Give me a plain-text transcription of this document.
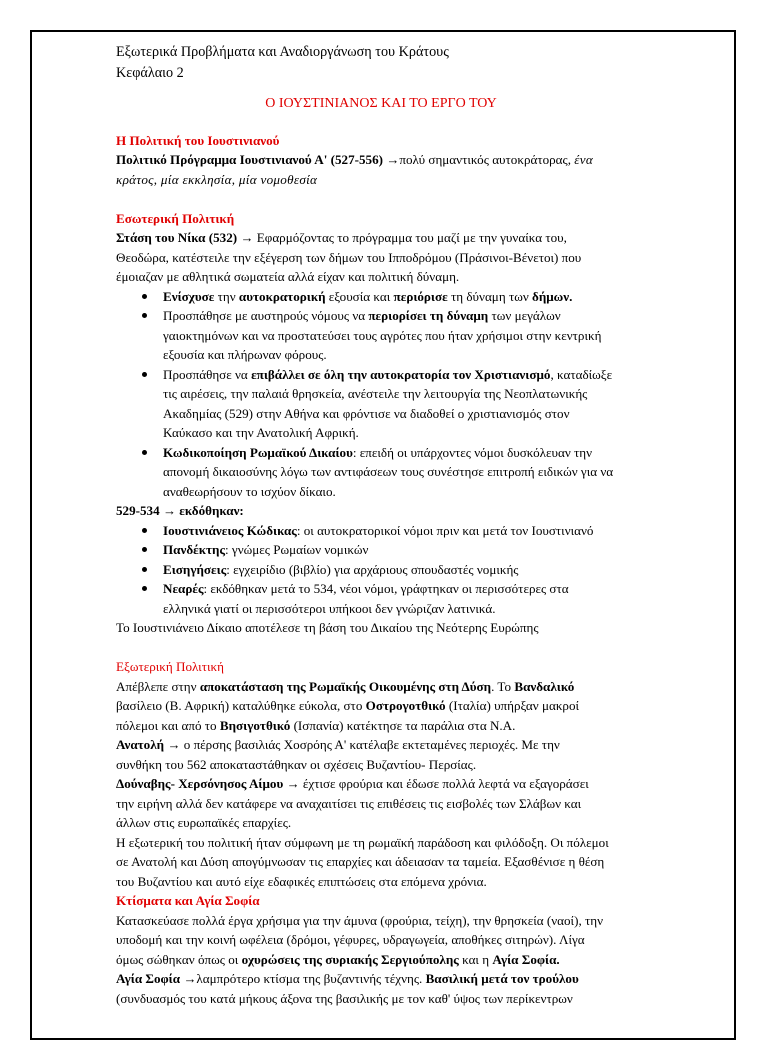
Εξωτερικά Προβλήματα και Αναδιοργάνωση του Κράτους

Κεφάλαιο 2

Ο ΙΟΥΣΤΙΝΙΑΝΟΣ ΚΑΙ ΤΟ ΕΡΓΟ ΤΟΥ

Η Πολιτική του Ιουστινιανού

Πολιτικό Πρόγραμμα Ιουστινιανού Α' (527-556) →πολύ σημαντικός αυτοκράτορας, ένα

κράτος, μία εκκλησία, μία νομοθεσία

Εσωτερική Πολιτική

Στάση του Νίκα (532) → Εφαρμόζοντας το πρόγραμμα του μαζί με την γυναίκα του,
Θεοδώρα, κατέστειλε την εξέγερση των δήμων του Ιπποδρόμου (Πράσινοι-Βένετοι) που
έμοιαζαν με αθλητικά σωματεία αλλά είχαν και πολιτική δύναμη.

Ενίσχυσε την αυτοκρατορική εξουσία και περιόρισε τη δύναμη των δήμων.
Προσπάθησε με αυστηρούς νόμους να περιορίσει τη δύναμη των μεγάλων
γαιοκτημόνων και να προστατεύσει τους αγρότες που ήταν χρήσιμοι στην κεντρική
εξουσία και πλήρωναν φόρους.
Προσπάθησε να επιβάλλει σε όλη την αυτοκρατορία τον Χριστιανισμό, καταδίωξε
τις αιρέσεις, την παλαιά θρησκεία, ανέστειλε την λειτουργία της Νεοπλατωνικής
Ακαδημίας (529) στην Αθήνα και φρόντισε να διαδοθεί ο χριστιανισμός στον
Καύκασο και την Ανατολική Αφρική.
Κωδικοποίηση Ρωμαϊκού Δικαίου: επειδή οι υπάρχοντες νόμοι δυσκόλευαν την
απονομή δικαιοσύνης λόγω των αντιφάσεων τους συνέστησε επιτροπή ειδικών για να
αναθεωρήσουν το ισχύον δίκαιο.

529-534 → εκδόθηκαν:

Ιουστινιάνειος Κώδικας: οι αυτοκρατορικοί νόμοι πριν και μετά τον Ιουστινιανό
Πανδέκτης: γνώμες Ρωμαίων νομικών
Εισηγήσεις: εγχειρίδιο (βιβλίο) για αρχάριους σπουδαστές νομικής
Νεαρές: εκδόθηκαν μετά το 534, νέοι νόμοι, γράφτηκαν οι περισσότερες στα
ελληνικά γιατί οι περισσότεροι υπήκοοι δεν γνώριζαν λατινικά.

Το Ιουστινιάνειο Δίκαιο αποτέλεσε τη βάση του Δικαίου της Νεότερης Ευρώπης

Εξωτερική Πολιτική

Απέβλεπε στην αποκατάσταση της Ρωμαϊκής Οικουμένης στη Δύση. Το Βανδαλικό
βασίλειο (Β. Αφρική) καταλύθηκε εύκολα, στο Οστρογοτθικό (Ιταλία) υπήρξαν μακροί
πόλεμοι και από το Βησιγοτθικό (Ισπανία) κατέκτησε τα παράλια στα Ν.Α.

Ανατολή → ο πέρσης βασιλιάς Χοσρόης Α' κατέλαβε εκτεταμένες περιοχές. Με την
συνθήκη του 562 αποκαταστάθηκαν οι σχέσεις Βυζαντίου- Περσίας.

Δούναβης- Χερσόνησος Αίμου → έχτισε φρούρια και έδωσε πολλά λεφτά να εξαγοράσει
την ειρήνη αλλά δεν κατάφερε να αναχαιτίσει τις επιθέσεις τις εισβολές των Σλάβων και
άλλων στις ευρωπαϊκές επαρχίες.

Η εξωτερική του πολιτική ήταν σύμφωνη με τη ρωμαϊκή παράδοση και φιλόδοξη. Οι πόλεμοι
σε Ανατολή και Δύση απογύμνωσαν τις επαρχίες και άδειασαν τα ταμεία. Εξασθένισε η θέση
του Βυζαντίου και αυτό είχε εδαφικές επιπτώσεις στα επόμενα χρόνια.

Κτίσματα και Αγία Σοφία

Κατασκεύασε πολλά έργα χρήσιμα για την άμυνα (φρούρια, τείχη), την θρησκεία (ναοί), την
υποδομή και την κοινή ωφέλεια (δρόμοι, γέφυρες, υδραγωγεία, αποθήκες σιτηρών). Λίγα
όμως σώθηκαν όπως οι οχυρώσεις της συριακής Σεργιούπολης και η Αγία Σοφία.
Αγία Σοφία →λαμπρότερο κτίσμα της βυζαντινής τέχνης. Βασιλική μετά τον τρούλου
(συνδυασμός του κατά μήκους άξονα της βασιλικής με τον καθ' ύψος των περίκεντρων
